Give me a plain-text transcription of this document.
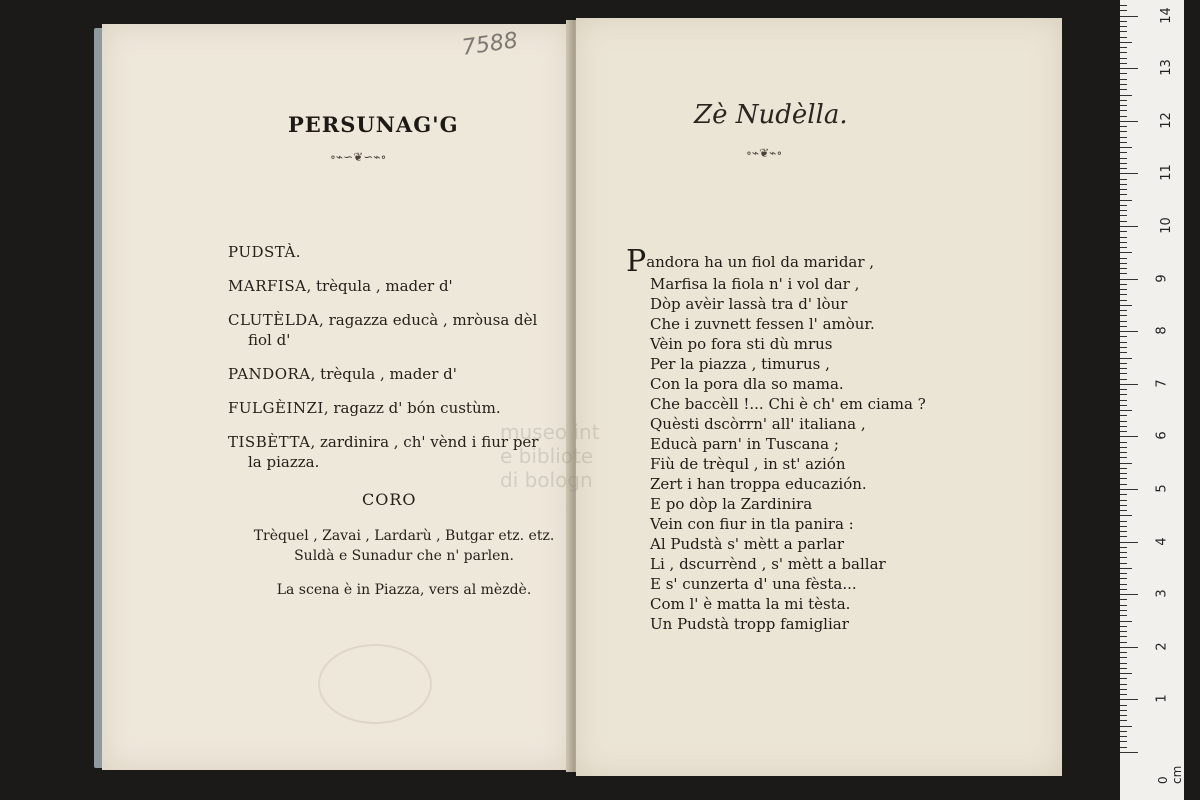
7588
PERSUNAG'G
∘⌁∽❦∽⌁∘
PUDSTÀ.
MARFISA, trèqula , mader d'
CLUTÈLDA, ragazza educà , mròusa dèl
fiol d'
PANDORA, trèqula , mader d'
FULGÈINZI, ragazz d' bón custùm.
TISBÈTTA, zardinira , ch' vènd i fiur per
la piazza.
CORO
Trèquel , Zavai , Lardarù , Butgar etz. etz.
Suldà e Sunadur che n' parlen.
La scena è in Piazza, vers al mèzdè.
museo int
e bibliote
di bologn
Zè Nudèlla.
∘⌁❦⌁∘
Pandora ha un fiol da maridar ,
Marfisa la fiola n' i vol dar ,
Dòp avèir lassà tra d' lòur
Che i zuvnett fessen l' amòur.
Vèin po fora sti dù mrus
Per la piazza , timurus ,
Con la pora dla so mama.
Che baccèll !... Chi è ch' em ciama ?
Quèsti dscòrrn' all' italiana ,
Educà parn' in Tuscana ;
Fiù de trèqul , in st' azión
Zert i han troppa educazión.
E po dòp la Zardinira
Vein con fiur in tla panira :
Al Pudstà s' mètt a parlar
Li , dscurrènd , s' mètt a ballar
E s' cunzerta d' una fèsta...
Com l' è matta la mi tèsta.
Un Pudstà tropp famigliar
0 cm
1
2
3
4
5
6
7
8
9
10
11
12
13
14
